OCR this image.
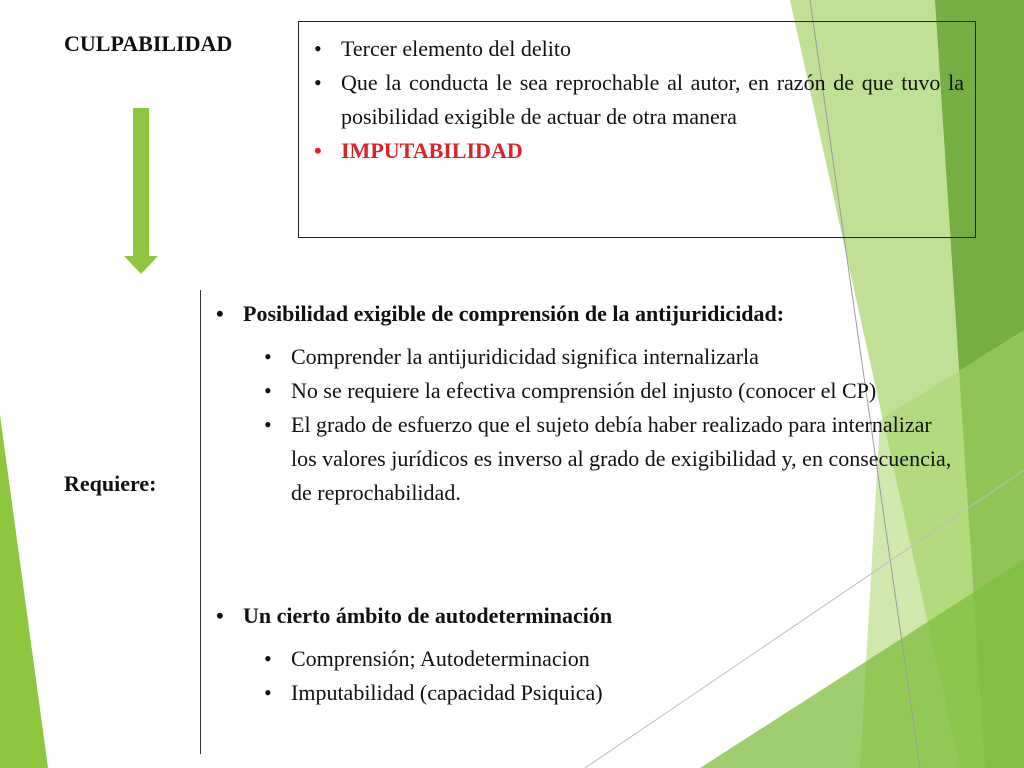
CULPABILIDAD
•	Tercer elemento del delito
• Que la conducta le sea reprochable al autor, en razón de que tuvo la posibilidad exigible de actuar de otra manera
• IMPUTABILIDAD
Requiere:
• Posibilidad exigible de comprensión de la antijuridicidad:
• Comprender la antijuridicidad significa internalizarla
• No se requiere la efectiva comprensión del injusto (conocer el CP)
• El grado de esfuerzo que el sujeto debía haber realizado para internalizar los valores jurídicos es inverso al grado de exigibilidad y, en consecuencia, de reprochabilidad.
• Un cierto ámbito de autodeterminación
• Comprensión; Autodeterminacion
• Imputabilidad (capacidad Psiquica)
